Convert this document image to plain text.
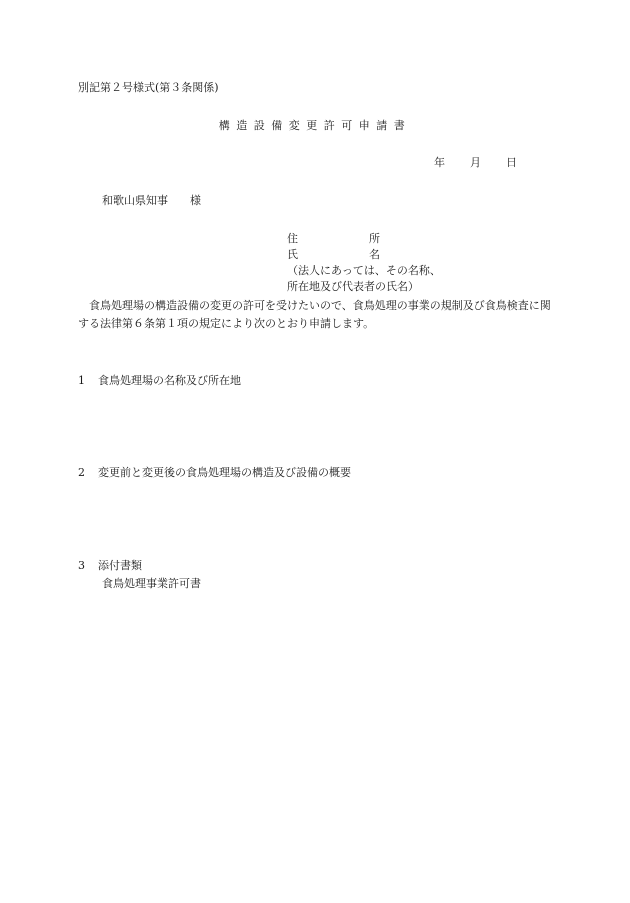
別記第２号様式(第３条関係)
構造設備変更許可申請書
年 月 日
和歌山県知事 様
住	所
氏	名
（法人にあっては、その名称、
所在地及び代表者の氏名）
食鳥処理場の構造設備の変更の許可を受けたいので、食鳥処理の事業の規制及び食鳥検査に関する法律第６条第１項の規定により次のとおり申請します。
1 食鳥処理場の名称及び所在地
2 変更前と変更後の食鳥処理場の構造及び設備の概要
3 添付書類
食鳥処理事業許可書
